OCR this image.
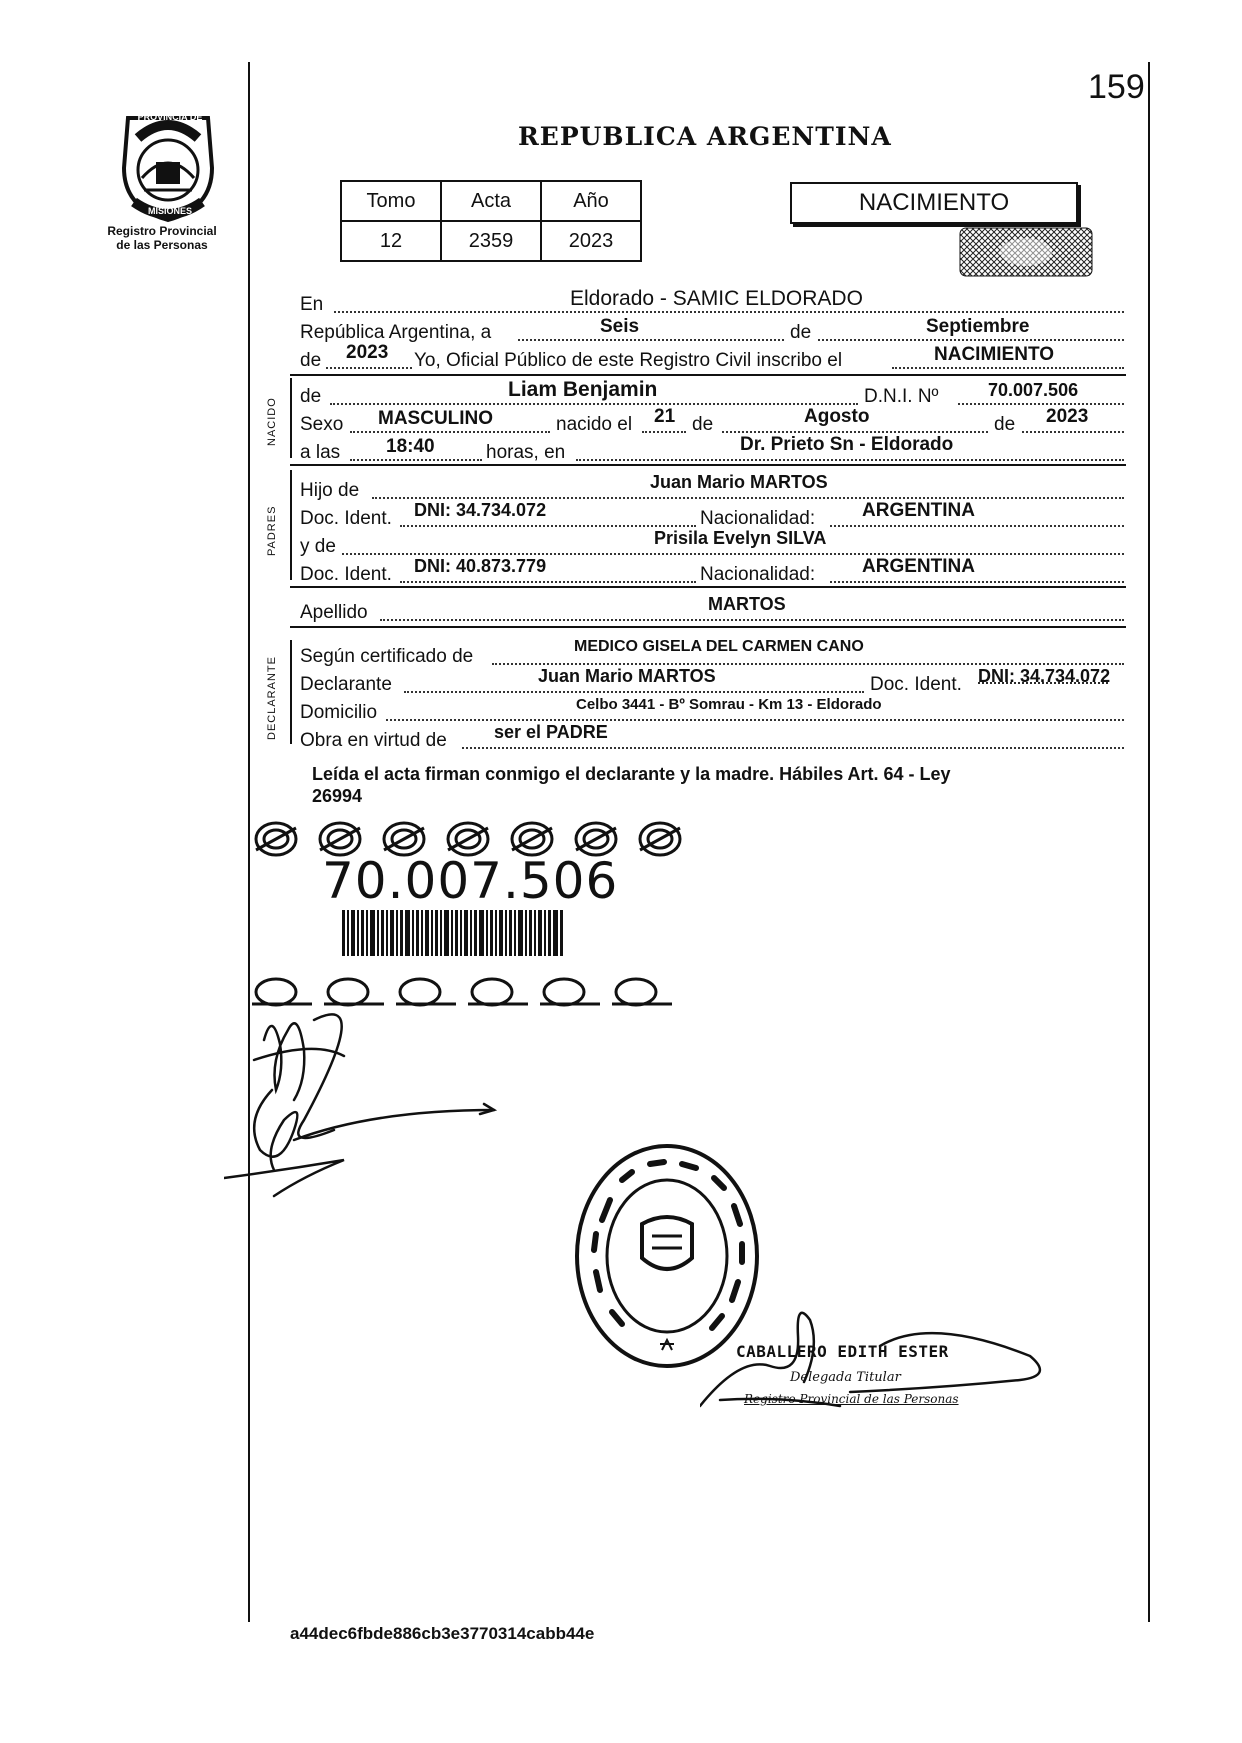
159
PROVINCIA DE
MISIONES
Registro Provincial
de las Personas
REPUBLICA ARGENTINA
Tomo	Acta	Año
12	2359	2023
NACIMIENTO
En	Eldorado - SAMIC ELDORADO
República Argentina, a	Seis	de	Septiembre
de 2023 Yo, Oficial Público de este Registro Civil inscribo el	NACIMIENTO
NACIDO
de	Liam Benjamin	D.N.I. Nº	70.007.506
Sexo MASCULINO	nacido el 21 de	Agosto	de 2023
a las 18:40	horas, en	Dr. Prieto Sn - Eldorado
PADRES
Hijo de	Juan Mario MARTOS
Doc. Ident. DNI: 34.734.072	Nacionalidad: ARGENTINA
y de	Prisila Evelyn SILVA
Doc. Ident. DNI: 40.873.779	Nacionalidad: ARGENTINA
Apellido	MARTOS
DECLARANTE Según certificado de	MEDICO GISELA DEL CARMEN CANO
Declarante	Juan Mario MARTOS	Doc. Ident. DNI: 34.734.072
Domicilio	Celbo 3441 - Bº Somrau - Km 13 - Eldorado
Obra en virtud de	ser el PADRE
Leída el acta firman conmigo el declarante y la madre. Hábiles Art. 64 - Ley
26994
70.007.506
CABALLERO EDITH ESTER
Delegada Titular
Registro Provincial de las Personas
a44dec6fbde886cb3e3770314cabb44e
